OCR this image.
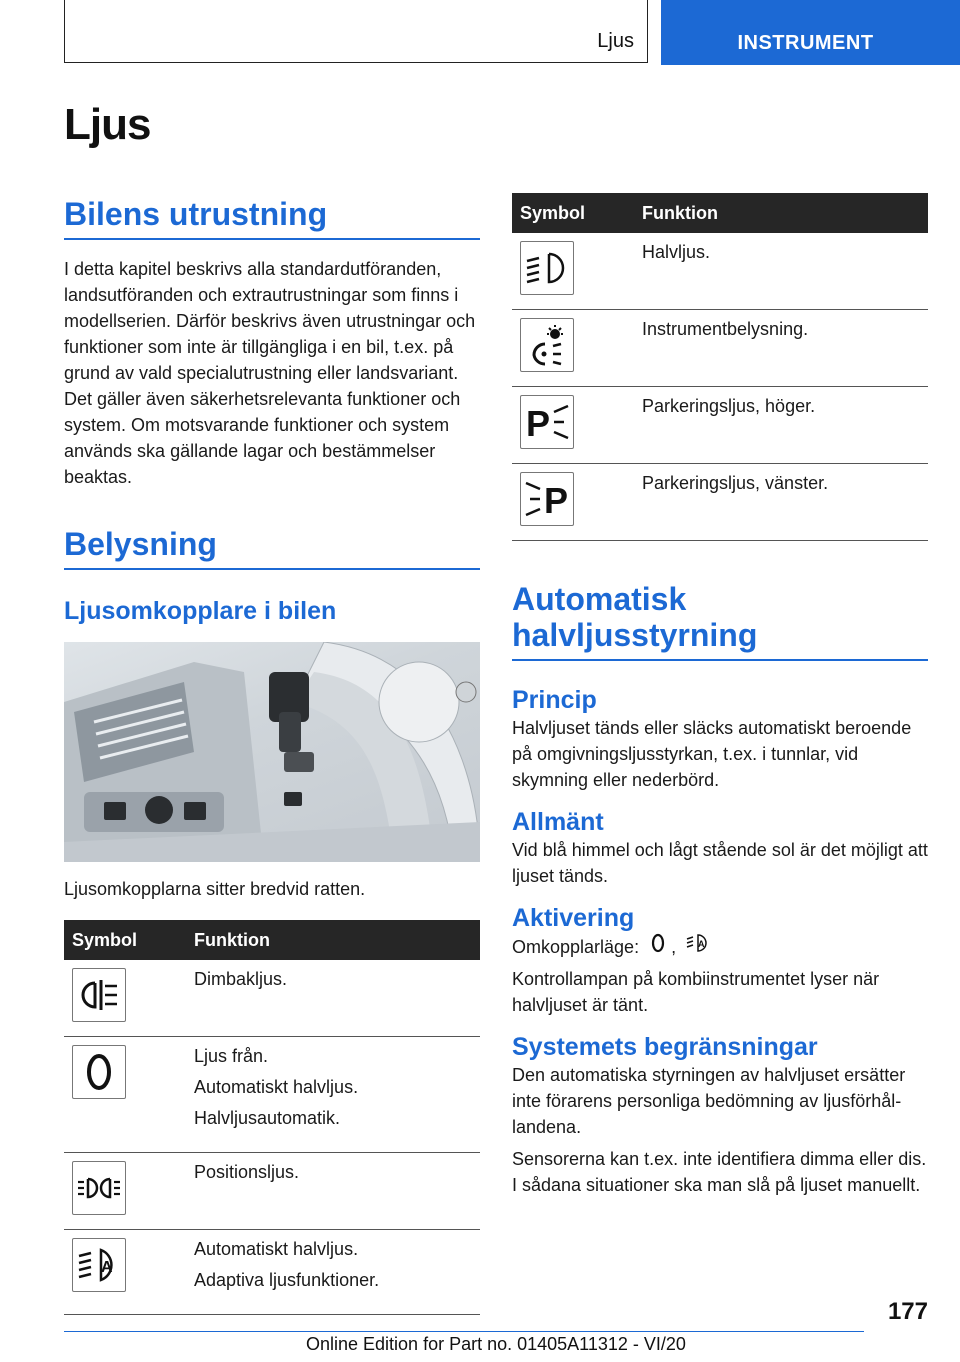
Ljus	INSTRUMENT
Ljus
Bilens utrustning

I detta kapitel beskrivs alla standardutföranden, landsutföranden och extrautrustningar som finns i modellserien. Därför beskrivs även utrustningar och funktioner som inte är tillgängliga i en bil, t.ex. på grund av vald specialutrustning eller landsvariant. Det gäller även säkerhetsrelevanta funktioner och system. Om motsvarande funktioner och system används ska gällande lagar och bestämmelser beaktas.

Belysning
Ljusomkopplare i bilen

Ljusomkopplarna sitter bredvid ratten.

Symbol	Funktion

Dimbakljus.

Ljus från.
Automatiskt halvljus.
Halvljusautomatik.

Positionsljus.

A	Automatiskt halvljus.
Adaptiva ljusfunktioner.
Symbol	Funktion

Halvljus.

Instrumentbelysning.

P	Parkeringsljus, höger.

P	Parkeringsljus, vänster.
Automatisk halvljusstyrning
Princip

Halvljuset tänds eller släcks automatiskt beroende på omgivningsljusstyrkan, t.ex. i tunnlar, vid skymning eller nederbörd.

Allmänt

Vid blå himmel och lågt stående sol är det möjligt att ljuset tänds.

Aktivering

Omkopplarläge: , A

Kontrollampan på kombiinstrumentet lyser när halvljuset är tänt.

Systemets begränsningar

Den automatiska styrningen av halvljuset ersätter inte förarens personliga bedömning av ljusförhållandena.

Sensorerna kan t.ex. inte identifiera dimma eller dis. I sådana situationer ska man slå på ljuset manuellt.

177
Online Edition for Part no. 01405A11312 - VI/20
